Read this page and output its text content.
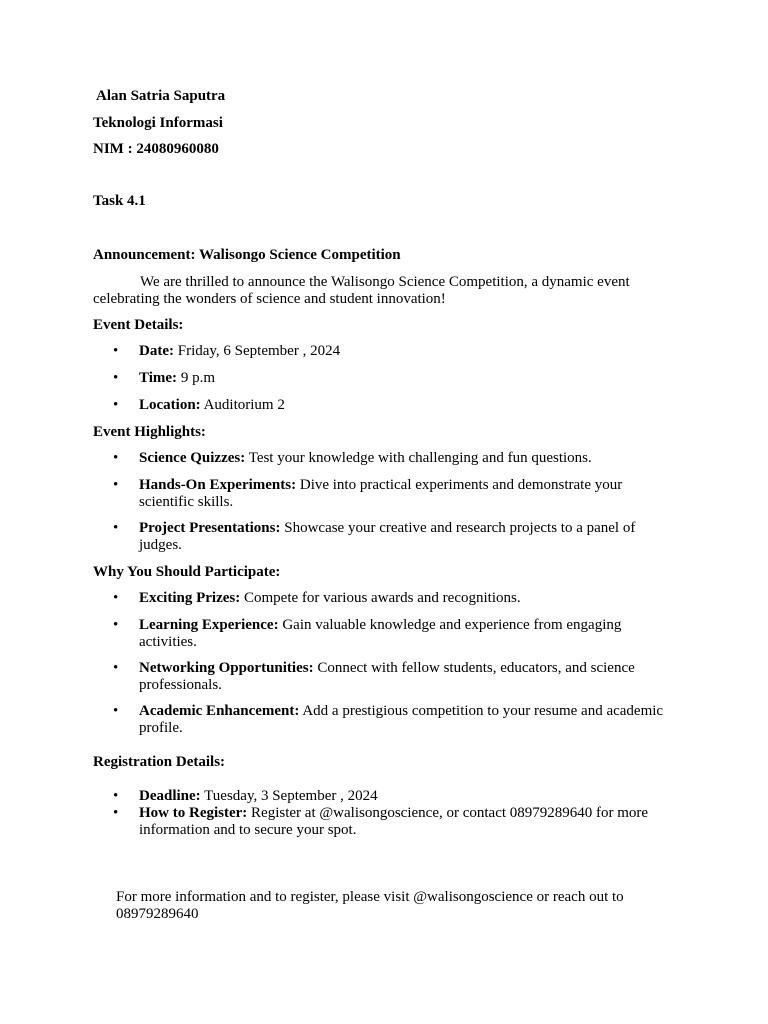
Alan Satria Saputra
Teknologi Informasi
NIM : 24080960080
Task 4.1
Announcement: Walisongo Science Competition
We are thrilled to announce the Walisongo Science Competition, a dynamic event celebrating the wonders of science and student innovation!
Event Details:
• Date: Friday, 6 September , 2024
• Time: 9 p.m
• Location: Auditorium 2
Event Highlights:
• Science Quizzes: Test your knowledge with challenging and fun questions.
• Hands-On Experiments: Dive into practical experiments and demonstrate your scientific skills.
• Project Presentations: Showcase your creative and research projects to a panel of judges.
Why You Should Participate:
• Exciting Prizes: Compete for various awards and recognitions.
• Learning Experience: Gain valuable knowledge and experience from engaging activities.
• Networking Opportunities: Connect with fellow students, educators, and science professionals.
• Academic Enhancement: Add a prestigious competition to your resume and academic profile.
Registration Details:
• Deadline: Tuesday, 3 September , 2024
• How to Register: Register at @walisongoscience, or contact 08979289640 for more information and to secure your spot.
For more information and to register, please visit @walisongoscience or reach out to 08979289640
